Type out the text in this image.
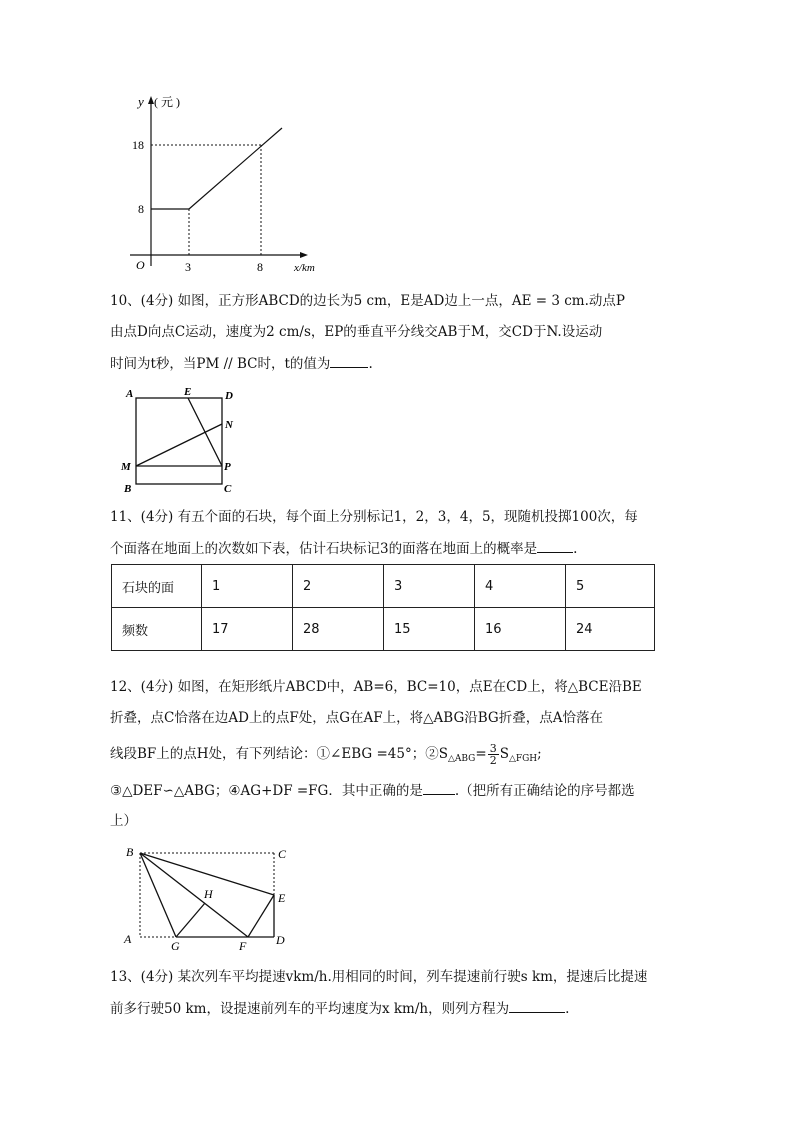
y ( 元 )
18
8
O	3	8	x/km
10、(4分) 如图，正方形ABCD的边长为5 cm，E是AD边上一点，AE = 3 cm.动点P
由点D向点C运动，速度为2 cm/s，EP的垂直平分线交AB于M，交CD于N.设运动
时间为t秒，当PM // BC时，t的值为	.
A	E	D
N
M	P
B	C
11、(4分) 有五个面的石块，每个面上分别标记1，2，3，4，5，现随机投掷100次，每
个面落在地面上的次数如下表，估计石块标记3的面落在地面上的概率是	.
石块的面	1	2	3	4	5
频数	17	28	15	16	24
12、(4分) 如图，在矩形纸片ABCD中，AB=6，BC=10，点E在CD上，将△BCE沿BE
折叠，点C恰落在边AD上的点F处，点G在AF上，将△ABG沿BG折叠，点A恰落在
线段BF上的点H处，有下列结论：①∠EBG =45°；$②S_{\triangle ABG}= \frac{3}{2} S_{\triangle FGH}$;
③△DEF∽△ABG；④AG+DF =FG．其中正确的是 .（把所有正确结论的序号都选
上）
B	C
H	E
A	G	F D
13、(4分) 某次列车平均提速vkm/h.用相同的时间，列车提速前行驶s km，提速后比提速
前多行驶50 km，设提速前列车的平均速度为x km/h，则列方程为	.
